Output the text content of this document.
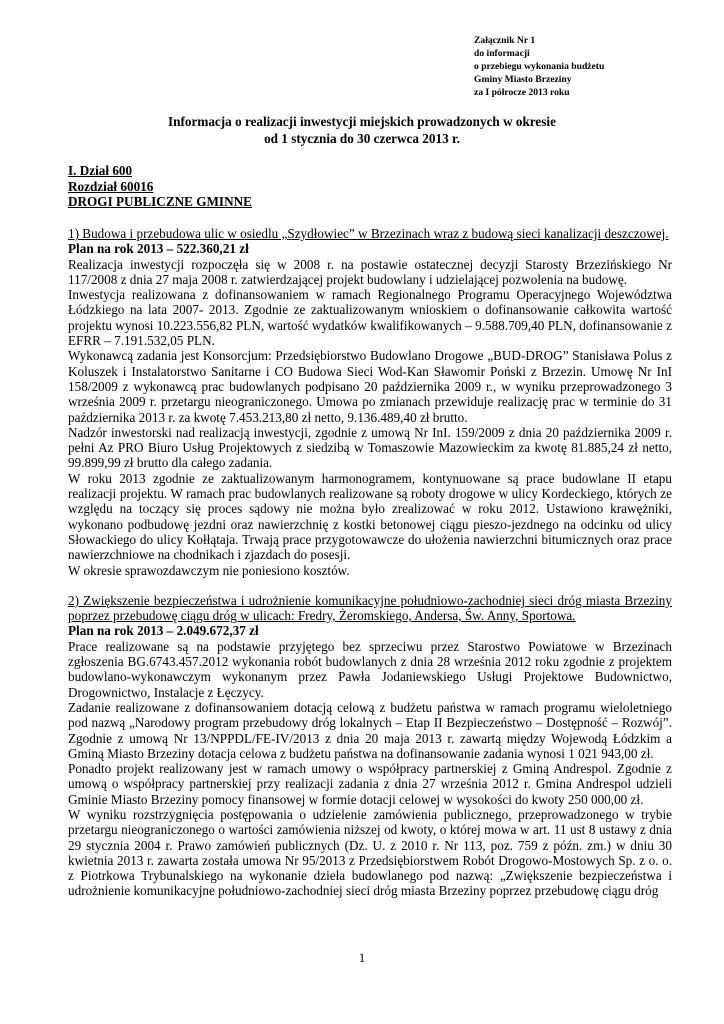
Załącznik Nr 1
do informacji
o przebiegu wykonania budżetu
Gminy Miasto Brzeziny
za I półrocze 2013 roku
Informacja o realizacji inwestycji miejskich prowadzonych w okresie
od 1 stycznia do 30 czerwca 2013 r.
I. Dział 600
Rozdział 60016
DROGI PUBLICZNE GMINNE

1) Budowa i przebudowa ulic w osiedlu „Szydłowiec” w Brzezinach wraz z budową sieci kanalizacji deszczowej.

Plan na rok 2013 – 522.360,21 zł

Realizacja inwestycji rozpoczęła się w 2008 r. na postawie ostatecznej decyzji Starosty Brzezińskiego Nr 117/2008 z dnia 27 maja 2008 r. zatwierdzającej projekt budowlany i udzielającej pozwolenia na budowę.

Inwestycja realizowana z dofinansowaniem w ramach Regionalnego Programu Operacyjnego Województwa Łódzkiego na lata 2007- 2013. Zgodnie ze zaktualizowanym wnioskiem o dofinansowanie całkowita wartość projektu wynosi 10.223.556,82 PLN, wartość wydatków kwalifikowanych – 9.588.709,40 PLN, dofinansowanie z EFRR – 7.191.532,05 PLN.

Wykonawcą zadania jest Konsorcjum: Przedsiębiorstwo Budowlano Drogowe „BUD-DROG” Stanisława Polus z Koluszek i Instalatorstwo Sanitarne i CO Budowa Sieci Wod-Kan Sławomir Poński z Brzezin. Umowę Nr InI 158/2009 z wykonawcą prac budowlanych podpisano 20 października 2009 r., w wyniku przeprowadzonego 3 września 2009 r. przetargu nieograniczonego. Umowa po zmianach przewiduje realizację prac w terminie do 31 października 2013 r. za kwotę 7.453.213,80 zł netto, 9.136.489,40 zł brutto.

Nadzór inwestorski nad realizacją inwestycji, zgodnie z umową Nr InI. 159/2009 z dnia 20 października 2009 r. pełni Az PRO Biuro Usług Projektowych z siedzibą w Tomaszowie Mazowieckim za kwotę 81.885,24 zł netto, 99.899,99 zł brutto dla całego zadania.

W roku 2013 zgodnie ze zaktualizowanym harmonogramem, kontynuowane są prace budowlane II etapu realizacji projektu. W ramach prac budowlanych realizowane są roboty drogowe w ulicy Kordeckiego, których ze względu na toczący się proces sądowy nie można było zrealizować w roku 2012. Ustawiono krawężniki, wykonano podbudowę jezdni oraz nawierzchnię z kostki betonowej ciągu pieszo-jezdnego na odcinku od ulicy Słowackiego do ulicy Kołłątaja. Trwają prace przygotowawcze do ułożenia nawierzchni bitumicznych oraz prace nawierzchniowe na chodnikach i zjazdach do posesji.

W okresie sprawozdawczym nie poniesiono kosztów.

2) Zwiększenie bezpieczeństwa i udrożnienie komunikacyjne południowo-zachodniej sieci dróg miasta Brzeziny poprzez przebudowę ciągu dróg w ulicach: Fredry, Żeromskiego, Andersa, Św. Anny, Sportowa.

Plan na rok 2013 – 2.049.672,37 zł

Prace realizowane są na podstawie przyjętego bez sprzeciwu przez Starostwo Powiatowe w Brzezinach zgłoszenia BG.6743.457.2012 wykonania robót budowlanych z dnia 28 września 2012 roku zgodnie z projektem budowlano-wykonawczym wykonanym przez Pawła Jodaniewskiego Usługi Projektowe Budownictwo, Drogownictwo, Instalacje z Łęczycy.

Zadanie realizowane z dofinansowaniem dotacją celową z budżetu państwa w ramach programu wieloletniego pod nazwą „Narodowy program przebudowy dróg lokalnych – Etap II Bezpieczeństwo – Dostępność – Rozwój”. Zgodnie z umową Nr 13/NPPDL/FE-IV/2013 z dnia 20 maja 2013 r. zawartą między Wojewodą Łódzkim a Gminą Miasto Brzeziny dotacja celowa z budżetu państwa na dofinansowanie zadania wynosi 1 021 943,00 zł.

Ponadto projekt realizowany jest w ramach umowy o współpracy partnerskiej z Gminą Andrespol. Zgodnie z umową o współpracy partnerskiej przy realizacji zadania z dnia 27 września 2012 r. Gmina Andrespol udzieli Gminie Miasto Brzeziny pomocy finansowej w formie dotacji celowej w wysokości do kwoty 250 000,00 zł.

W wyniku rozstrzygnięcia postępowania o udzielenie zamówienia publicznego, przeprowadzonego w trybie przetargu nieograniczonego o wartości zamówienia niższej od kwoty, o której mowa w art. 11 ust 8 ustawy z dnia 29 stycznia 2004 r. Prawo zamówień publicznych (Dz. U. z 2010 r. Nr 113, poz. 759 z późn. zm.) w dniu 30 kwietnia 2013 r. zawarta została umowa Nr 95/2013 z Przedsiębiorstwem Robót Drogowo-Mostowych Sp. z o. o. z Piotrkowa Trybunalskiego na wykonanie dzieła budowlanego pod nazwą: „Zwiększenie bezpieczeństwa i udrożnienie komunikacyjne południowo-zachodniej sieci dróg miasta Brzeziny poprzez przebudowę ciągu dróg

1
